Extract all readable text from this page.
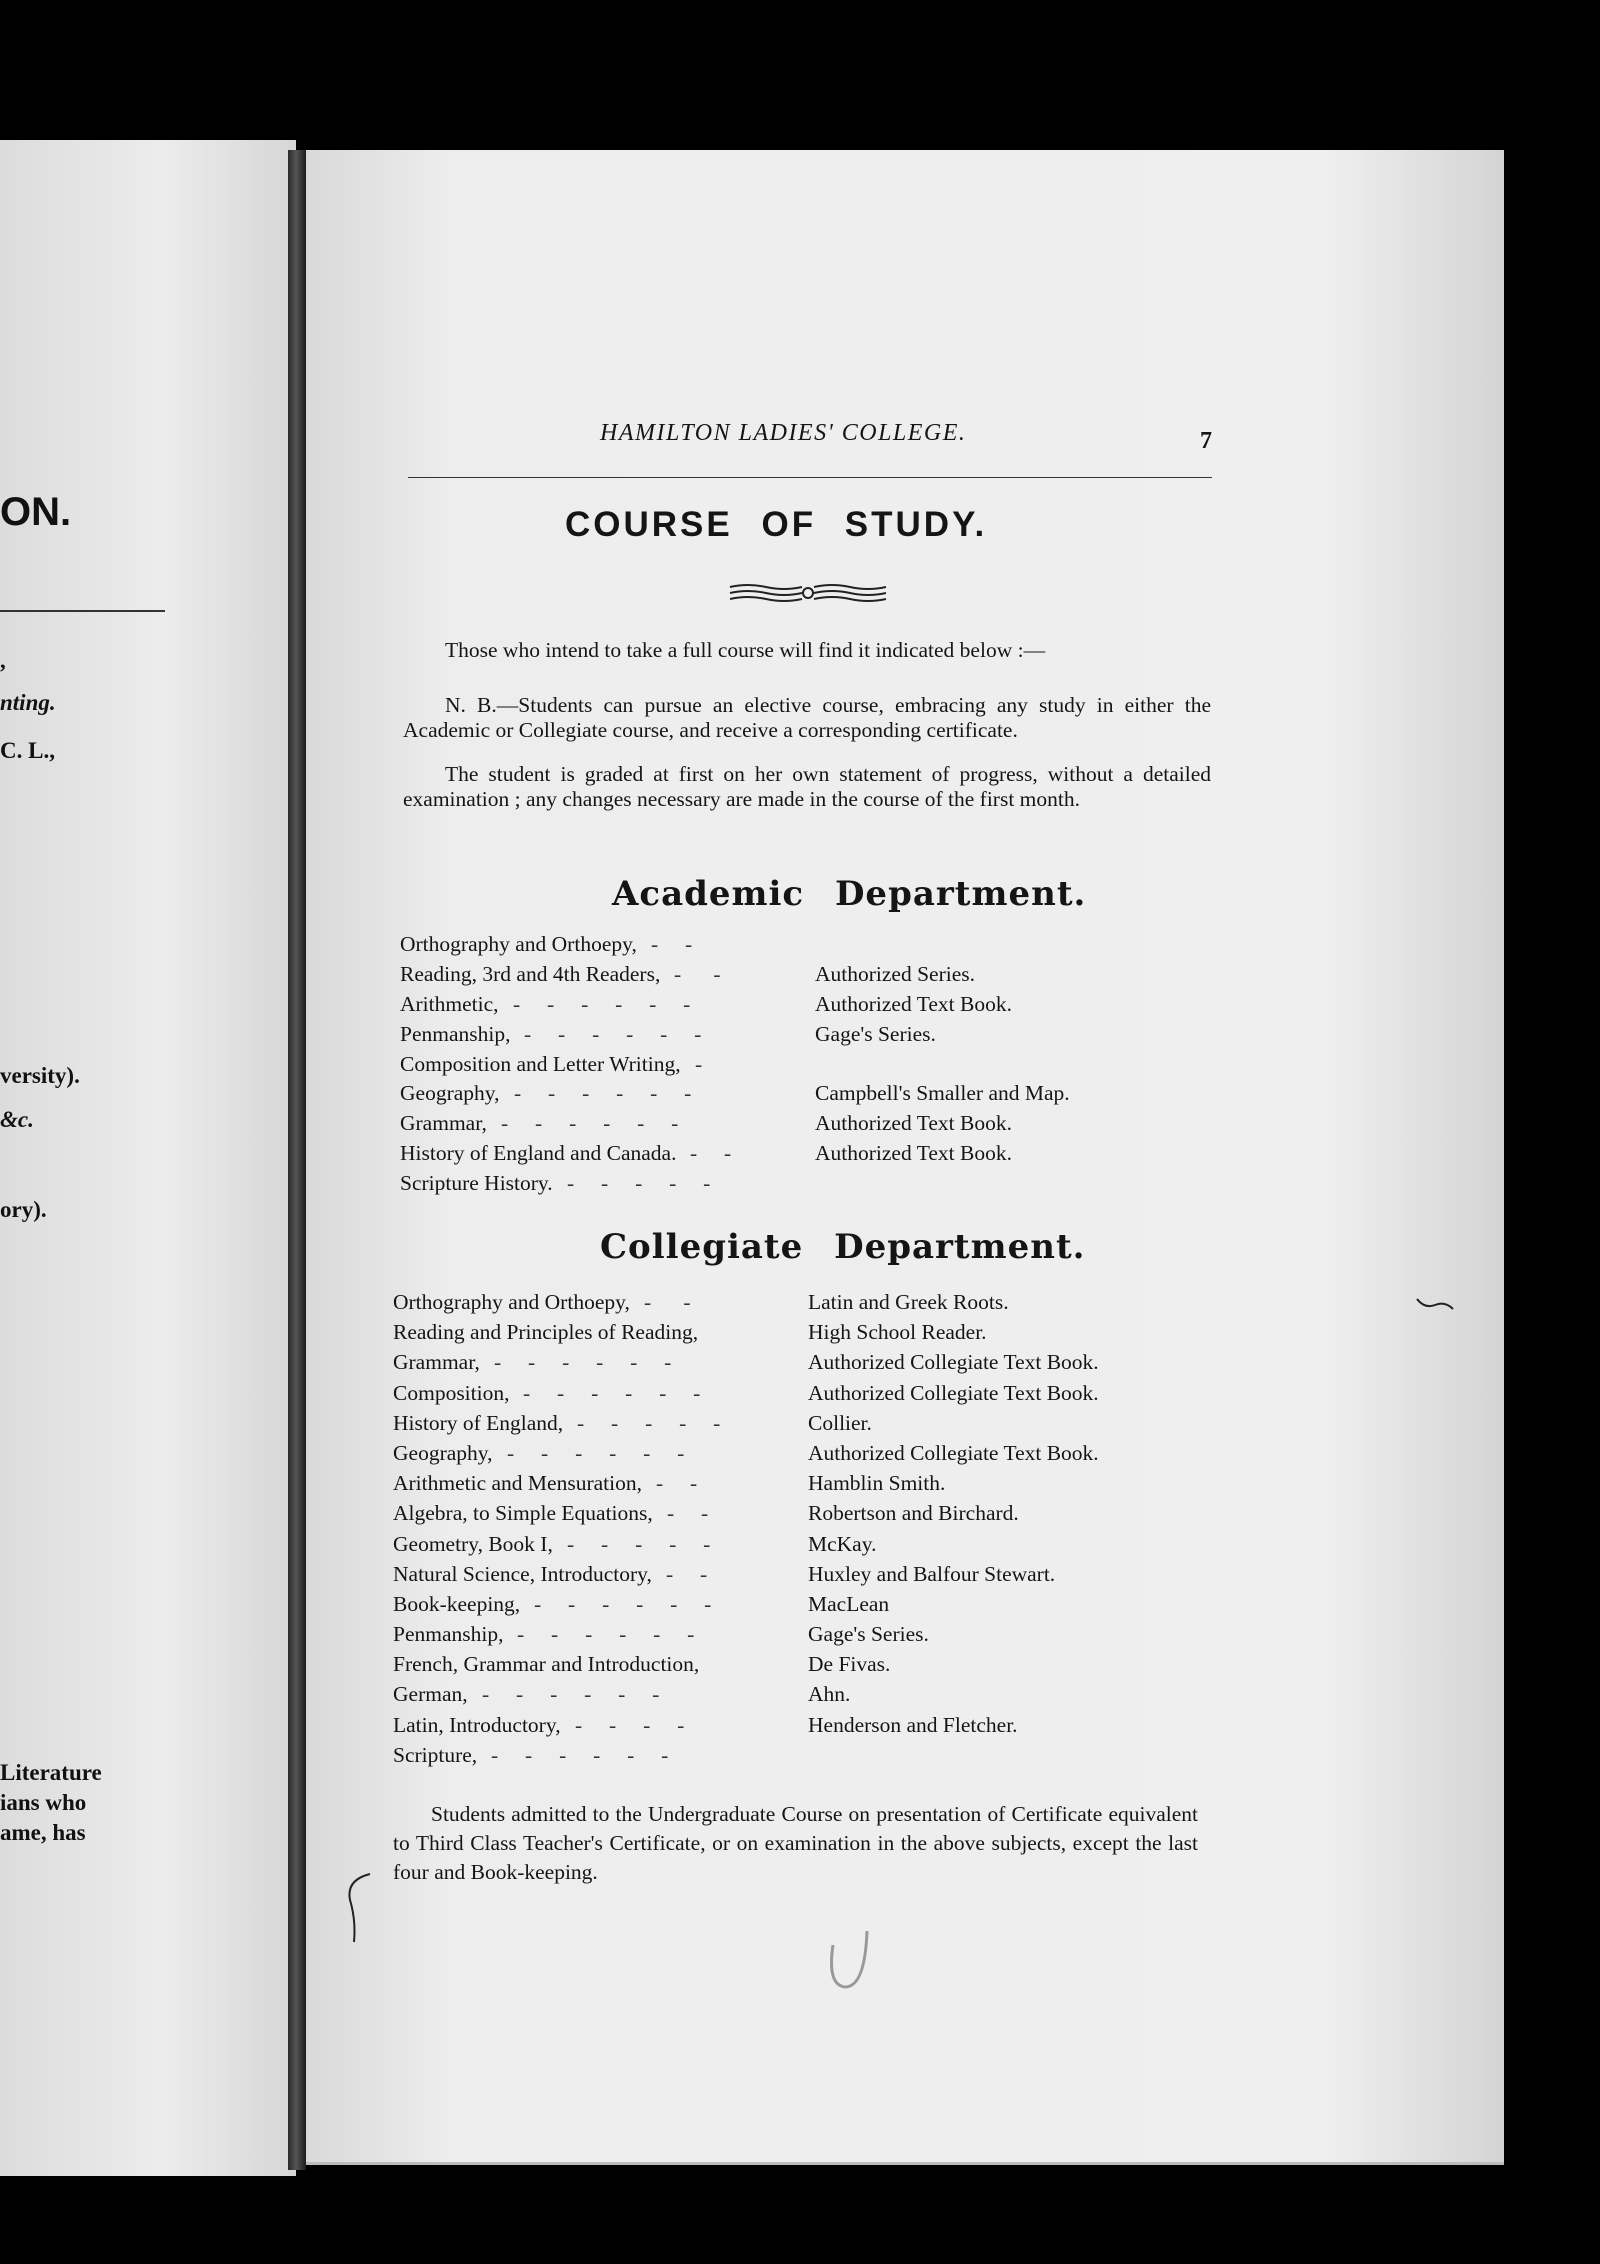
ON.
,
nting.
C. L.,
versity).
&c.
ory).
Literature
ians who
ame, has
HAMILTON LADIES' COLLEGE.	7
COURSE OF STUDY.
Those who intend to take a full course will find it indicated below :—
N. B.—Students can pursue an elective course, embracing any study in either the Academic or Collegiate course, and receive a corresponding certificate.
The student is graded at first on her own statement of progress, without a detailed examination ; any changes necessary are made in the course of the first month.
Academic Department.
Orthography and Orthoepy, -     -
Reading, 3rd and 4th Readers, -      -	Authorized Series.
Arithmetic, -     -     -     -     -     -	Authorized Text Book.
Penmanship, -     -     -     -     -     -	Gage's Series.
Composition and Letter Writing, -
Geography, -     -     -     -     -     -	Campbell's Smaller and Map.
Grammar, -     -     -     -     -     -	Authorized Text Book.
History of England and Canada. -     -	Authorized Text Book.
Scripture History. -     -     -     -     -
Collegiate Department.
Orthography and Orthoepy, -      -	Latin and Greek Roots.
Reading and Principles of Reading,	High School Reader.
Grammar, -     -     -     -     -     -	Authorized Collegiate Text Book.
Composition, -     -     -     -     -     -	Authorized Collegiate Text Book.
History of England, -     -     -     -     -	Collier.
Geography, -     -     -     -     -     -	Authorized Collegiate Text Book.
Arithmetic and Mensuration, -     -	Hamblin Smith.
Algebra, to Simple Equations, -     -	Robertson and Birchard.
Geometry, Book I, -     -     -     -     -	McKay.
Natural Science, Introductory, -     -	Huxley and Balfour Stewart.
Book-keeping, -     -     -     -     -     -	MacLean
Penmanship, -     -     -     -     -     -	Gage's Series.
French, Grammar and Introduction,	De Fivas.
German, -     -     -     -     -     -	Ahn.
Latin, Introductory, -     -     -     -	Henderson and Fletcher.
Scripture, -     -     -     -     -     -
Students admitted to the Undergraduate Course on presentation of Certificate equivalent to Third Class Teacher's Certificate, or on examination in the above subjects, except the last four and Book-keeping.
